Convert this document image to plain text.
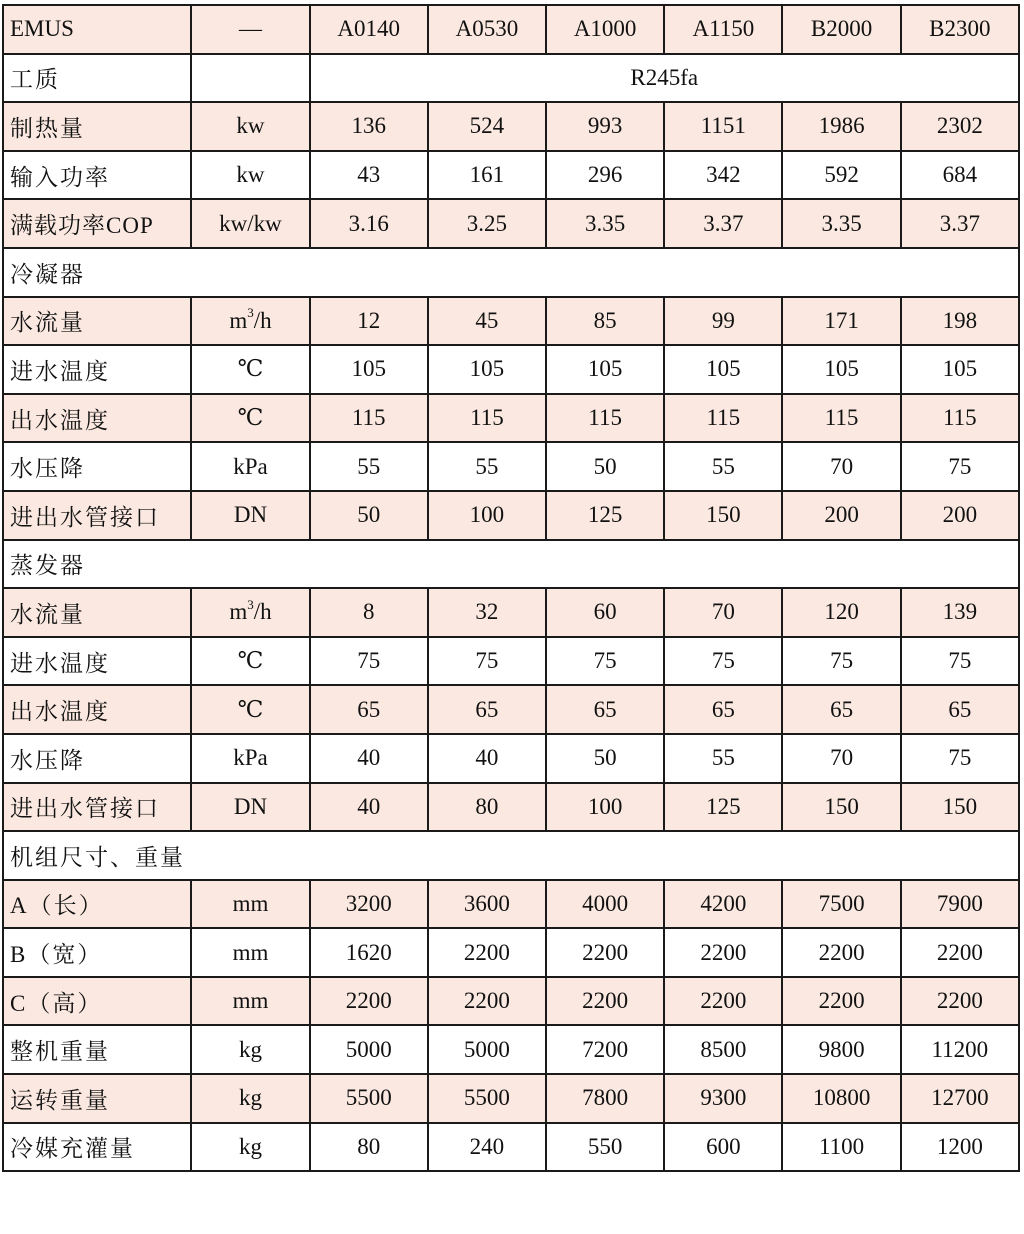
EMUS	—	A0140	A0530	A1000	A1150	B2000	B2300
工质		R245fa					
制热量	kw	136	524	993	1151	1986	2302
输入功率	kw	43	161	296	342	592	684
满载功率COP	kw/kw	3.16	3.25	3.35	3.37	3.35	3.37
冷凝器							
水流量	$m^3/h$	12	45	85	99	171	198
进水温度	℃	105	105	105	105	105	105
出水温度	℃	115	115	115	115	115	115
水压降	kPa	55	55	50	55	70	75
进出水管接口	DN	50	100	125	150	200	200
蒸发器							
水流量	$m^3/h$	8	32	60	70	120	139
进水温度	℃	75	75	75	75	75	75
出水温度	℃	65	65	65	65	65	65
水压降	kPa	40	40	50	55	70	75
进出水管接口	DN	40	80	100	125	150	150
机组尺寸、重量							
A（长）	mm	3200	3600	4000	4200	7500	7900
B（宽）	mm	1620	2200	2200	2200	2200	2200
C（高）	mm	2200	2200	2200	2200	2200	2200
整机重量	kg	5000	5000	7200	8500	9800	11200
运转重量	kg	5500	5500	7800	9300	10800	12700
冷媒充灌量	kg	80	240	550	600	1100	1200
